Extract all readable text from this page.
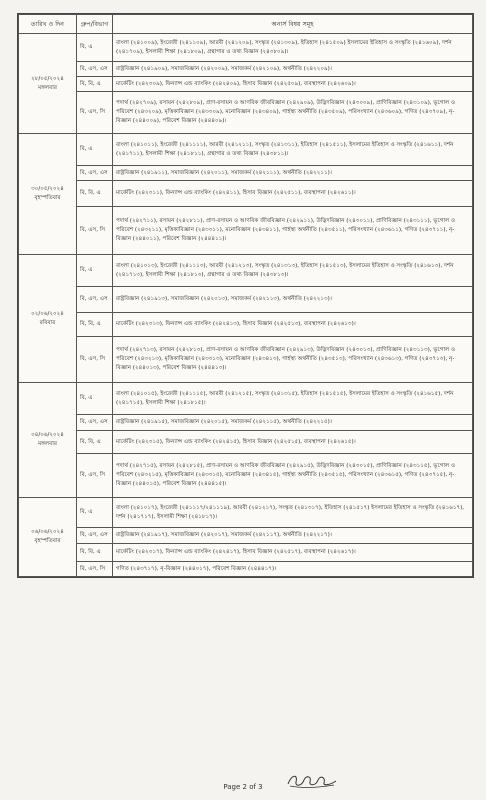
তারিখ ও দিন	গ্রুপ/বিভাগ	অনার্স বিষয় সমূহ

২৮/০৫/২০২৪
মঙ্গলবার	বি, এ	বাংলা (২৪১০০৯), ইংরেজী (২৪১১০৯), আরবী (২৪১২০৯), সংস্কৃত (২৪১৩০৯), ইতিহাস (২৪১৫০৯) ইসলামের ইতিহাস ও সংস্কৃতি (২৪১৬০৯), দর্শন (২৪১৭০৯), ইসলামী শিক্ষা (২৪১৮০৯), গ্রন্থাগার ও তথ্য বিজ্ঞান (২৪৩৮০৯)।
	বি, এস, এস	রাষ্ট্রবিজ্ঞান (২৪১৯০৯), সমাজবিজ্ঞান (২৪২০০৯), সমাজকর্ম (২৪২১০৯), অর্থনীতি (২৪২২০৯)।
	বি, বি, এ	মার্কেটিং (২৪২৩০৯), ফিন্যান্স এন্ড ব্যাংকিং (২৪২৪০৯), হিসাব বিজ্ঞান (২৪২৫০৯), ব্যবস্থাপনা (২৪২৬০৯)।
	বি, এস, সি	পদার্থ (২৪২৭০৯), রসায়ন (২৪২৮০৯), প্রাণ-রসায়ন ও আণবিক জীববিজ্ঞান (২৪২৯০৯), উদ্ভিদবিজ্ঞান (২৪৩০০৯), প্রাণিবিজ্ঞান (২৪৩১০৯), ভূগোল ও পরিবেশ (২৪৩২০৯), মৃত্তিকাবিজ্ঞান (২৪৩৩০৯), মনোবিজ্ঞান (২৪৩৪০৯), গার্হস্থ্য অর্থনীতি (২৪৩৫০৯), পরিসংখ্যান (২৪৩৬০৯), গণিত (২৪৩৭০৯), নৃ-বিজ্ঞান (২৪৪০০৯), পরিবেশ বিজ্ঞান (২৪৪৪০৯)।

৩০/০৫/২০২৪
বৃহস্পতিবার	বি, এ	বাংলা (২৪১০১১), ইংরেজী (২৪১১১১), আরবী (২৪১২১১), সংস্কৃত (২৪১৩১১), ইতিহাস (২৪১৫১১), ইসলামের ইতিহাস ও সংস্কৃতি (২৪১৬১১), দর্শন (২৪১৭১১), ইসলামী শিক্ষা (২৪১৮১১), গ্রন্থাগার ও তথ্য বিজ্ঞান (২৪৩৮১১)।
	বি, এস, এস	রাষ্ট্রবিজ্ঞান (২৪১৯১১), সমাজবিজ্ঞান (২৪২০১১), সমাজকর্ম (২৪২১১১), অর্থনীতি (২৪২২১১)।
	বি, বি, এ	মার্কেটিং (২৪২৩১১), ফিন্যান্স এন্ড ব্যাংকিং (২৪২৪১১), হিসাব বিজ্ঞান (২৪২৫১১), ব্যবস্থাপনা (২৪২৬১১)।
	বি, এস, সি	পদার্থ (২৪২৭১১), রসায়ন (২৪২৮১১), প্রাণ-রসায়ন ও আণবিক জীববিজ্ঞান (২৪২৯১১), উদ্ভিদবিজ্ঞান (২৪৩০১১), প্রাণিবিজ্ঞান (২৪৩১১১), ভূগোল ও পরিবেশ (২৪৩২১১), মৃত্তিকাবিজ্ঞান (২৪৩৩১১), মনোবিজ্ঞান (২৪৩৪১১), গার্হস্থ্য অর্থনীতি (২৪৩৫১১), পরিসংখ্যান (২৪৩৬১১), গণিত (২৪৩৭১১), নৃ-বিজ্ঞান (২৪৪০১১), পরিবেশ বিজ্ঞান (২৪৪৪১১)।

০২/০৬/২০২৪
রবিবার	বি, এ	বাংলা (২৪১০১৩), ইংরেজী (২৪১১১৩), আরবী (২৪১২১৩), সংস্কৃত (২৪১৩১৩), ইতিহাস (২৪১৫১৩), ইসলামের ইতিহাস ও সংস্কৃতি (২৪১৬১৩), দর্শন (২৪১৭১৩), ইসলামী শিক্ষা (২৪১৮১৩), গ্রন্থাগার ও তথ্য বিজ্ঞান (২৪৩৮১৩)।
	বি, এস, এস	রাষ্ট্রবিজ্ঞান (২৪১৯১৩), সমাজবিজ্ঞান (২৪২০১৩), সমাজকর্ম (২৪২১১৩), অর্থনীতি (২৪২২১৩)।
	বি, বি, এ	মার্কেটিং (২৪২৩১৩), ফিন্যান্স এন্ড ব্যাংকিং (২৪২৪১৩), হিসাব বিজ্ঞান (২৪২৫১৩), ব্যবস্থাপনা (২৪২৬১৩)।
	বি, এস, সি	পদার্থ (২৪২৭১৩), রসায়ন (২৪২৮১৩), প্রাণ-রসায়ন ও আণবিক জীববিজ্ঞান (২৪২৯১৩), উদ্ভিদবিজ্ঞান (২৪৩০১৩), প্রাণিবিজ্ঞান (২৪৩১১৩), ভূগোল ও পরিবেশ (২৪৩২১৩), মৃত্তিকাবিজ্ঞান (২৪৩৩১৩), মনোবিজ্ঞান (২৪৩৪১৩), গার্হস্থ্য অর্থনীতি (২৪৩৫১৩), পরিসংখ্যান (২৪৩৬১৩), গণিত (২৪৩৭১৩), নৃ-বিজ্ঞান (২৪৪০১৩), পরিবেশ বিজ্ঞান (২৪৪৪১৩)।

০৪/০৬/২০২৪
মঙ্গলবার	বি, এ	বাংলা (২৪১০১৫), ইংরেজী (২৪১১১৫), আরবী (২৪১২১৫), সংস্কৃত (২৪১৩১৫), ইতিহাস (২৪১৫১৫), ইসলামের ইতিহাস ও সংস্কৃতি (২৪১৬১৫), দর্শন (২৪১৭১৫), ইসলামী শিক্ষা (২৪১৮১৫)।
	বি, এস, এস	রাষ্ট্রবিজ্ঞান (২৪১৯১৫), সমাজবিজ্ঞান (২৪২০১৫), সমাজকর্ম (২৪২১১৫), অর্থনীতি (২৪২২১৫)।
	বি, বি, এ	মার্কেটিং (২৪২৩১৫), ফিন্যান্স এন্ড ব্যাংকিং (২৪২৪১৫), হিসাব বিজ্ঞান (২৪২৫১৫), ব্যবস্থাপনা (২৪২৬১৫)।
	বি, এস, সি	পদার্থ (২৪২৭১৫), রসায়ন (২৪২৮১৫), প্রাণ-রসায়ন ও আণবিক জীববিজ্ঞান (২৪২৯১৫), উদ্ভিদবিজ্ঞান (২৪৩০১৫), প্রাণিবিজ্ঞান (২৪৩১১৫), ভূগোল ও পরিবেশ (২৪৩২১৫), মৃত্তিকাবিজ্ঞান (২৪৩৩১৫), মনোবিজ্ঞান (২৪৩৪১৫), গার্হস্থ্য অর্থনীতি (২৪৩৫১৫), পরিসংখ্যান (২৪৩৬১৫), গণিত (২৪৩৭১৫), নৃ-বিজ্ঞান (২৪৪০১৫), পরিবেশ বিজ্ঞান (২৪৪৪১৫)।

০৬/০৬/২০২৪
বৃহস্পতিবার	বি, এ	বাংলা (২৪১০১৭), ইংরেজী (২৪১১১৭/২৪১১১৯), আরবী (২৪১২১৭), সংস্কৃত (২৪১৩১৭), ইতিহাস (২৪১৫১৭) ইসলামের ইতিহাস ও সংস্কৃতি (২৪১৬১৭), দর্শন (২৪১৭১৭), ইসলামী শিক্ষা (২৪১৮১৭)।
	বি, এস, এস	রাষ্ট্রবিজ্ঞান (২৪১৯১৭), সমাজবিজ্ঞান (২৪২০১৭), সমাজকর্ম (২৪২১১৭), অর্থনীতি (২৪২২১৭)।
	বি, বি, এ	মার্কেটিং (২৪২৩১৭), ফিন্যান্স এন্ড ব্যাংকিং (২৪২৪১৭), হিসাব বিজ্ঞান (২৪২৫১৭), ব্যবস্থাপনা (২৪২৬১৭)।
	বি, এস, সি	গণিত (২৪৩৭১৭), নৃ-বিজ্ঞান (২৪৪০১৭), পরিবেশ বিজ্ঞান (২৪৪৪১৭)।
Page 2 of 3
